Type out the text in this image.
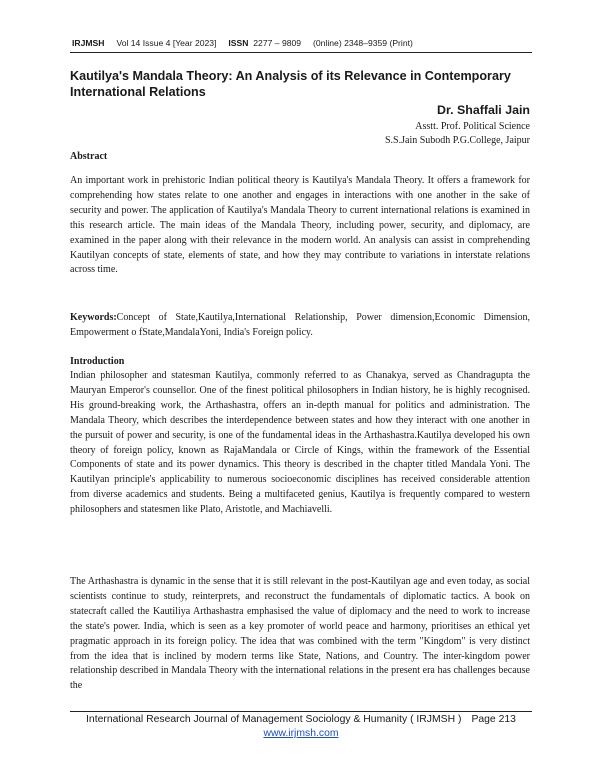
IRJMSH Vol 14 Issue 4 [Year 2023] ISSN 2277 – 9809 (0nline) 2348–9359 (Print)
Kautilya's Mandala Theory: An Analysis of its Relevance in Contemporary International Relations
Dr. Shaffali Jain
Asstt. Prof. Political Science
S.S.Jain Subodh P.G.College, Jaipur
Abstract

An important work in prehistoric Indian political theory is Kautilya's Mandala Theory. It offers a framework for comprehending how states relate to one another and engages in interactions with one another in the sake of security and power. The application of Kautilya's Mandala Theory to current international relations is examined in this research article. The main ideas of the Mandala Theory, including power, security, and diplomacy, are examined in the paper along with their relevance in the modern world. An analysis can assist in comprehending Kautilyan concepts of state, elements of state, and how they may contribute to variations in interstate relations across time.

Keywords:Concept of State,Kautilya,International Relationship, Power dimension,Economic Dimension, Empowerment o fState,MandalaYoni, India's Foreign policy.

Introduction

Indian philosopher and statesman Kautilya, commonly referred to as Chanakya, served as Chandragupta the Mauryan Emperor's counsellor. One of the finest political philosophers in Indian history, he is highly recognised. His ground-breaking work, the Arthashastra, offers an in-depth manual for politics and administration. The Mandala Theory, which describes the interdependence between states and how they interact with one another in the pursuit of power and security, is one of the fundamental ideas in the Arthashastra.Kautilya developed his own theory of foreign policy, known as RajaMandala or Circle of Kings, within the framework of the Essential Components of state and its power dynamics. This theory is described in the chapter titled Mandala Yoni. The Kautilyan principle's applicability to numerous socioeconomic disciplines has received considerable attention from diverse academics and students. Being a multifaceted genius, Kautilya is frequently compared to western philosophers and statesmen like Plato, Aristotle, and Machiavelli.

The Arthashastra is dynamic in the sense that it is still relevant in the post-Kautilyan age and even today, as social scientists continue to study, reinterprets, and reconstruct the fundamentals of diplomatic tactics. A book on statecraft called the Kautiliya Arthashastra emphasised the value of diplomacy and the need to work to increase the state's power. India, which is seen as a key promoter of world peace and harmony, prioritises an ethical yet pragmatic approach in its foreign policy. The idea that was combined with the term "Kingdom" is very distinct from the idea that is inclined by modern terms like State, Nations, and Country. The inter-kingdom power relationship described in Mandala Theory with the international relations in the present era has challenges because the

International Research Journal of Management Sociology & Humanity ( IRJMSH ) Page 213
www.irjmsh.com
